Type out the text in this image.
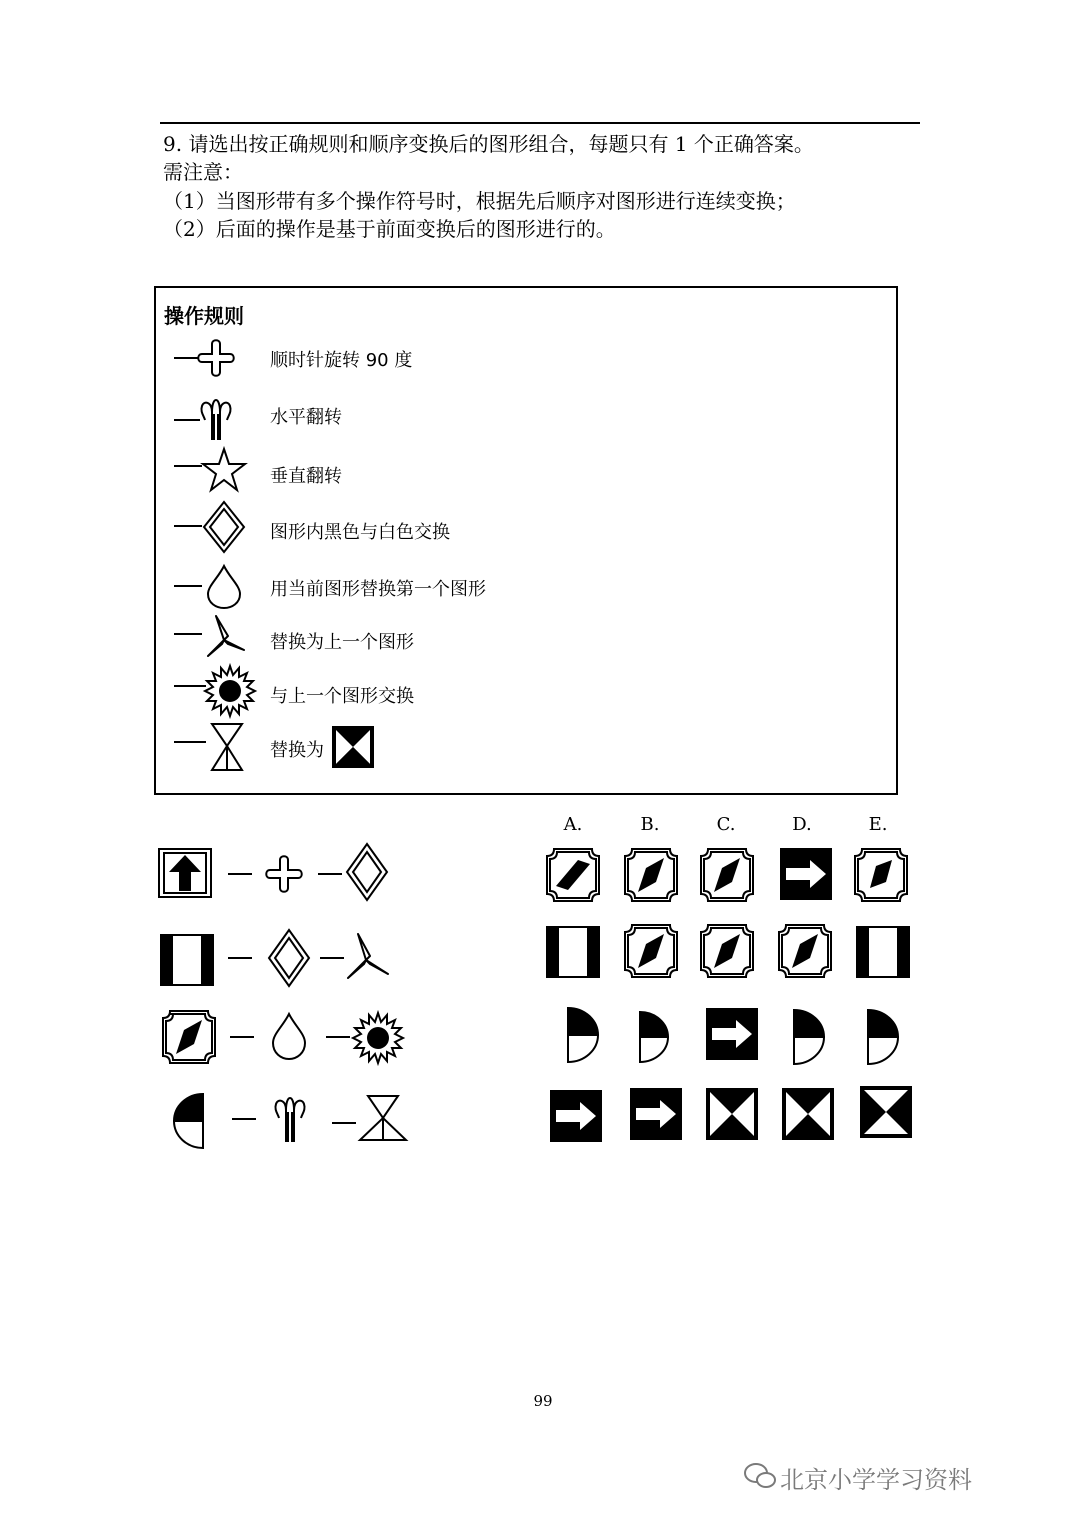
9. 请选出按正确规则和顺序变换后的图形组合，每题只有 1 个正确答案。
需注意：
（1）当图形带有多个操作符号时，根据先后顺序对图形进行连续变换；
（2）后面的操作是基于前面变换后的图形进行的。
操作规则
顺时针旋转 90 度
水平翻转
垂直翻转
图形内黑色与白色交换
用当前图形替换第一个图形
替换为上一个图形
与上一个图形交换
替换为
A.	B.	C.	D.	E.
99
北京小学学习资料
